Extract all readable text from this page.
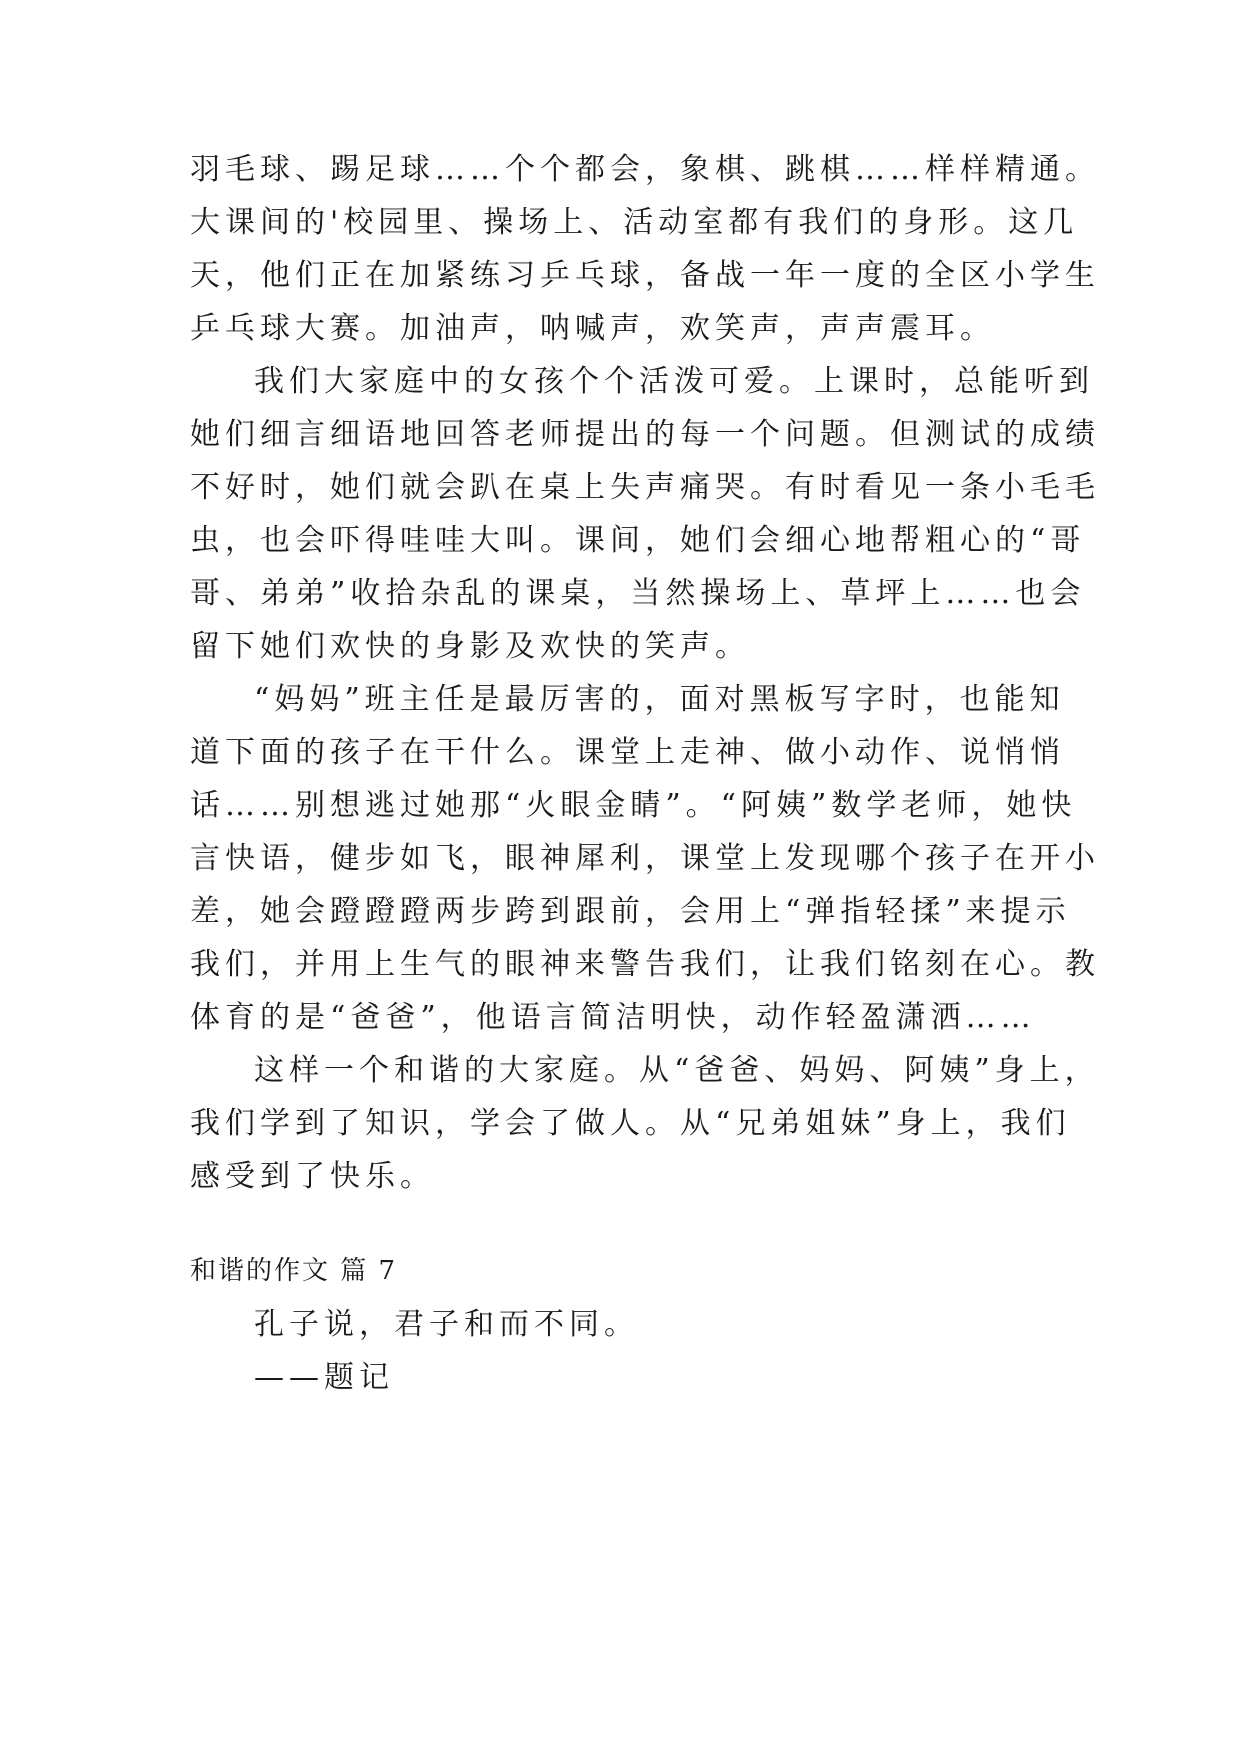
羽毛球、踢足球……个个都会，象棋、跳棋……样样精通。
大课间的'校园里、操场上、活动室都有我们的身形。这几
天，他们正在加紧练习乒乓球，备战一年一度的全区小学生
乒乓球大赛。加油声，呐喊声，欢笑声，声声震耳。
我们大家庭中的女孩个个活泼可爱。上课时，总能听到
她们细言细语地回答老师提出的每一个问题。但测试的成绩
不好时，她们就会趴在桌上失声痛哭。有时看见一条小毛毛
虫，也会吓得哇哇大叫。课间，她们会细心地帮粗心的“哥
哥、弟弟”收拾杂乱的课桌，当然操场上、草坪上……也会
留下她们欢快的身影及欢快的笑声。
“妈妈”班主任是最厉害的，面对黑板写字时，也能知
道下面的孩子在干什么。课堂上走神、做小动作、说悄悄
话……别想逃过她那“火眼金睛”。“阿姨”数学老师，她快
言快语，健步如飞，眼神犀利，课堂上发现哪个孩子在开小
差，她会蹬蹬蹬两步跨到跟前，会用上“弹指轻揉”来提示
我们，并用上生气的眼神来警告我们，让我们铭刻在心。教
体育的是“爸爸”，他语言简洁明快，动作轻盈潇洒……
这样一个和谐的大家庭。从“爸爸、妈妈、阿姨”身上，
我们学到了知识，学会了做人。从“兄弟姐妹”身上，我们
感受到了快乐。
和谐的作文 篇 7
孔子说，君子和而不同。
——题记
